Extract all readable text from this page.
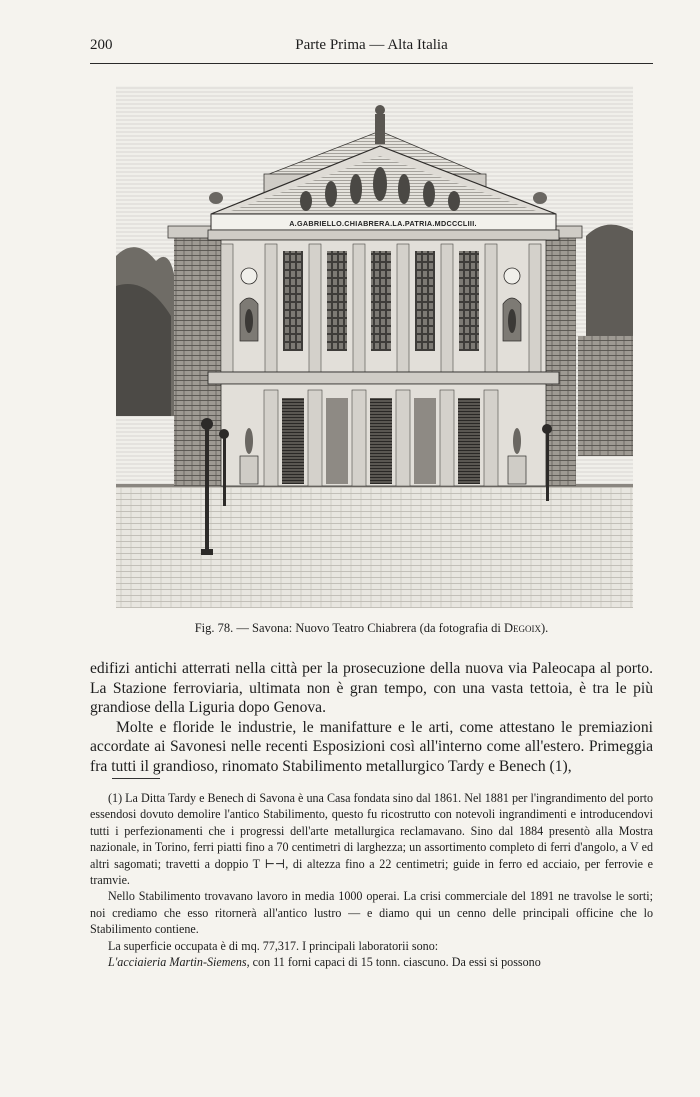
200	Parte Prima — Alta Italia
A.GABRIELLO.CHIABRERA.LA.PATRIA.MDCCCLIII.
Fig. 78. — Savona: Nuovo Teatro Chiabrera (da fotografia di Degoix).

edifizi antichi atterrati nella città per la prosecuzione della nuova via Paleocapa al porto. La Stazione ferroviaria, ultimata non è gran tempo, con una vasta tettoia, è tra le più grandiose della Liguria dopo Genova.

Molte e floride le industrie, le manifatture e le arti, come attestano le premiazioni accordate ai Savonesi nelle recenti Esposizioni così all'interno come all'estero. Primeggia fra tutti il grandioso, rinomato Stabilimento metallurgico Tardy e Benech (1),

(1) La Ditta Tardy e Benech di Savona è una Casa fondata sino dal 1861. Nel 1881 per l'ingrandimento del porto essendosi dovuto demolire l'antico Stabilimento, questo fu ricostrutto con notevoli ingrandimenti e introducendovi tutti i perfezionamenti che i progressi dell'arte metallurgica reclamavano. Sino dal 1884 presentò alla Mostra nazionale, in Torino, ferri piatti fino a 70 centimetri di larghezza; un assortimento completo di ferri d'angolo, a V ed altri sagomati; travetti a doppio T ⊢⊣, di altezza fino a 22 centimetri; guide in ferro ed acciaio, per ferrovie e tramvie.

Nello Stabilimento trovavano lavoro in media 1000 operai. La crisi commerciale del 1891 ne travolse le sorti; noi crediamo che esso ritornerà all'antico lustro — e diamo qui un cenno delle principali officine che lo Stabilimento contiene.

La superficie occupata è di mq. 77,317. I principali laboratorii sono:

L'acciaieria Martin-Siemens, con 11 forni capaci di 15 tonn. ciascuno. Da essi si possono
